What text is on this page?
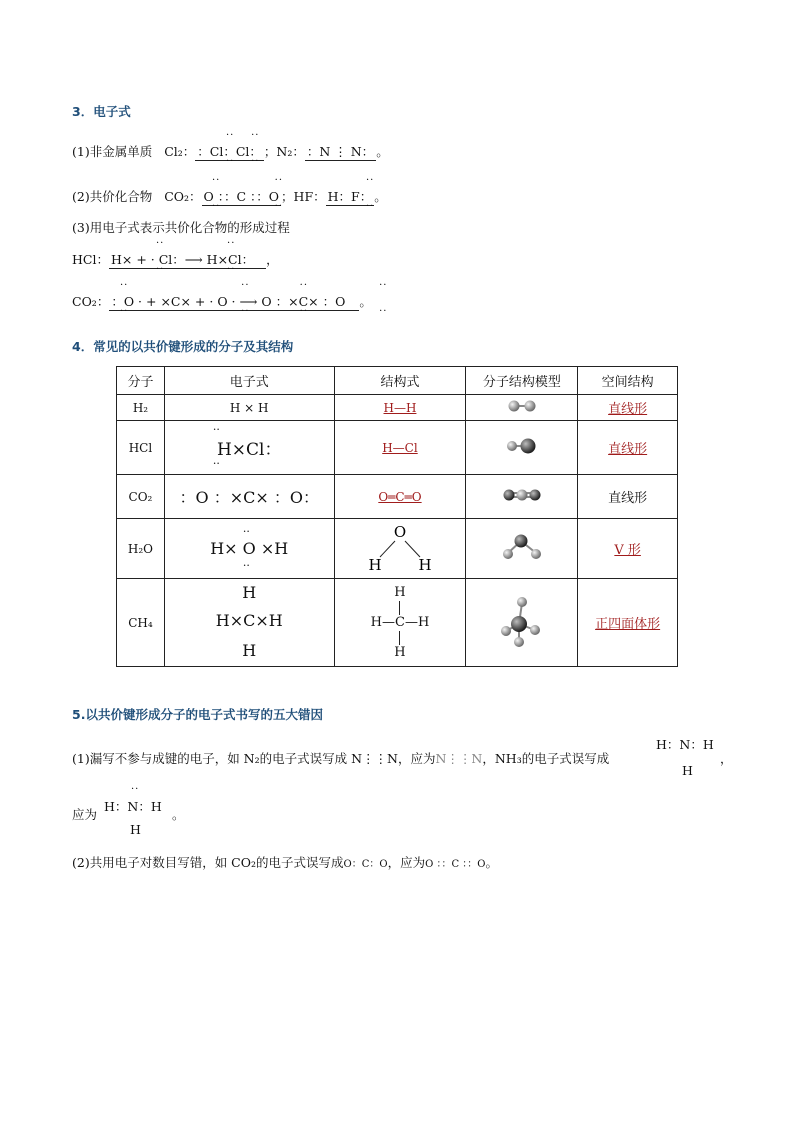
3．电子式
(1)非金属单质 Cl₂： ：Cl：Cl： ；N₂： ：N ⋮ N： 。
··    ··
··    ··
(2)共价化合物 CO₂： O ：：C ：：O ；HF： H：F： 。
··             ··
··             ··
··
··
(3)用电子式表示共价化合物的形成过程
HCl： H× + · Cl：⟶ H×Cl： ，
··               ··
··               ··
CO₂： ：O · + ×C× + · O · ⟶ O ：×C× ：O 。
··                           ··            ··                 ··
··                           ··            ··                 ··
4．常见的以共价键形成的分子及其结构
分子	电子式	结构式	分子结构模型	空间结构
H₂	H × H	H—H		直线形
HCl	··
H×Cl：
··	H—Cl		直线形
CO₂	：O ：×C× ：O：	O═C═O		直线形
H₂O	··
H× O ×H
··	O
H H		V 形
CH₄	H
H×C×H
H	H
H—C—H
H		正四面体形
5.以共价键形成分子的电子式书写的五大错因
(1)漏写不参与成键的电子，如 N₂的电子式误写成 N⋮⋮N，应为N⋮⋮N，NH₃的电子式误写成
H：N：H
H
，
应为
··
H：N：H
H
。
(2)共用电子对数目写错，如 CO₂的电子式误写成O：C：O，应为O ：：C ：：O。
